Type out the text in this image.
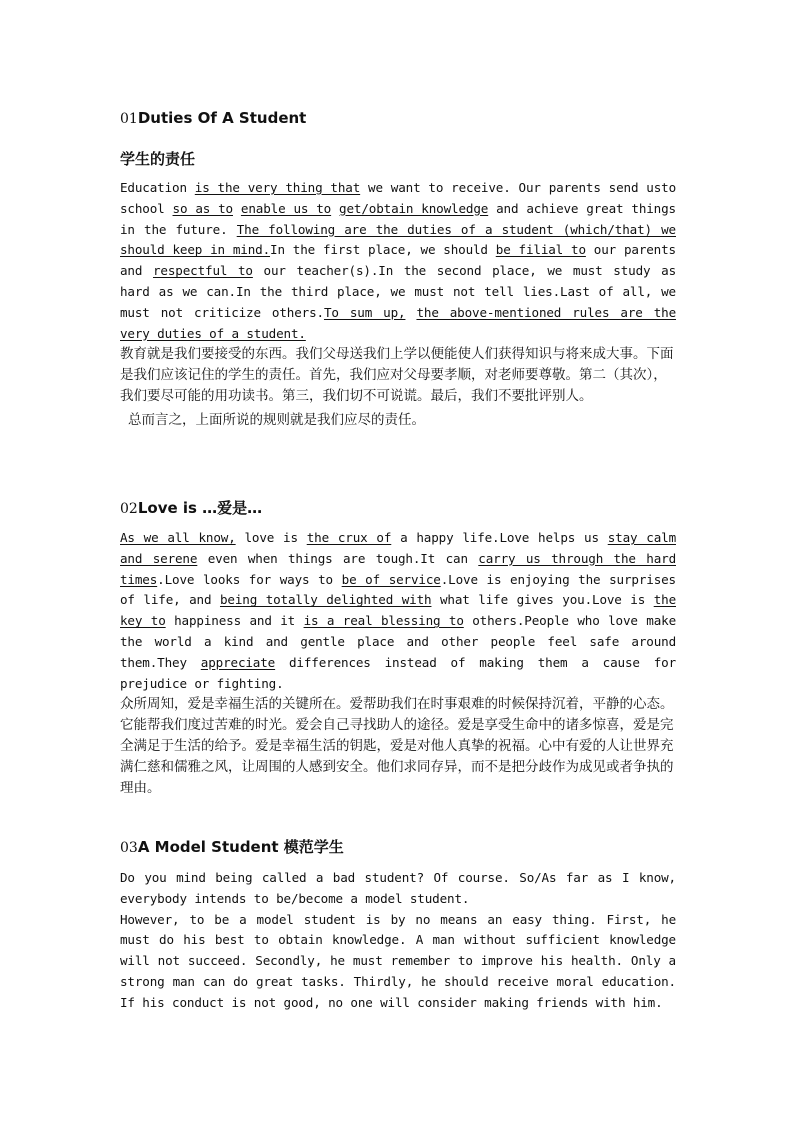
01Duties Of A Student
学生的责任

Education is the very thing that we want to receive. Our parents send usto school so as to enable us to get/obtain knowledge and achieve great things in the future. The following are the duties of a student (which/that) we should keep in mind.In the first place, we should be filial to our parents and respectful to our teacher(s).In the second place, we must study as hard as we can.In the third place, we must not tell lies.Last of all, we must not criticize others.To sum up, the above-mentioned rules are the very duties of a student.

教育就是我们要接受的东西。我们父母送我们上学以便能使人们获得知识与将来成大事。下面是我们应该记住的学生的责任。首先，我们应对父母要孝顺，对老师要尊敬。第二（其次），我们要尽可能的用功读书。第三，我们切不可说谎。最后，我们不要批评别人。

总而言之，上面所说的规则就是我们应尽的责任。

02Love is …爱是…

As we all know, love is the crux of a happy life.Love helps us stay calm and serene even when things are tough.It can carry us through the hard times.Love looks for ways to be of service.Love is enjoying the surprises of life, and being totally delighted with what life gives you.Love is the key to happiness and it is a real blessing to others.People who love make the world a kind and gentle place and other people feel safe around them.They appreciate differences instead of making them a cause for prejudice or fighting.

众所周知，爱是幸福生活的关键所在。爱帮助我们在时事艰难的时候保持沉着，平静的心态。它能帮我们度过苦难的时光。爱会自己寻找助人的途径。爱是享受生命中的诸多惊喜，爱是完全满足于生活的给予。爱是幸福生活的钥匙，爱是对他人真挚的祝福。心中有爱的人让世界充满仁慈和儒雅之风，让周围的人感到安全。他们求同存异，而不是把分歧作为成见或者争执的理由。

03A Model Student 模范学生

Do you mind being called a bad student? Of course. So/As far as I know, everybody intends to be/become a model student.

However, to be a model student is by no means an easy thing. First, he must do his best to obtain knowledge. A man without sufficient knowledge will not succeed. Secondly, he must remember to improve his health. Only a strong man can do great tasks. Thirdly, he should receive moral education. If his conduct is not good, no one will consider making friends with him.
